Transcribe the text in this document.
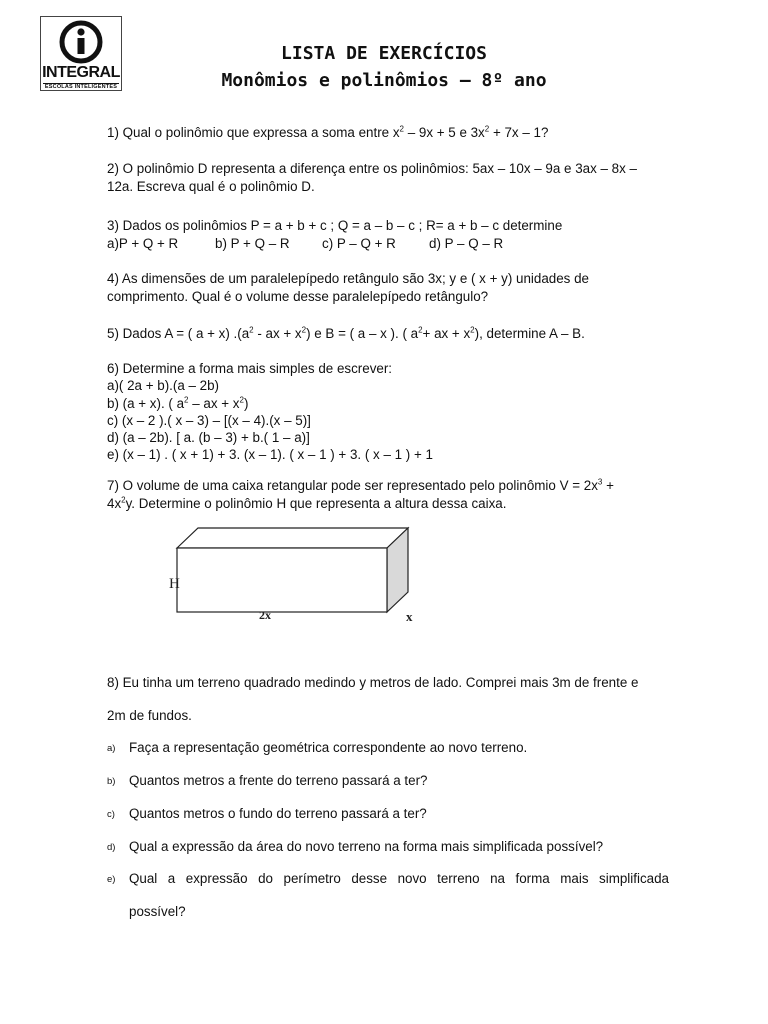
INTEGRAL
ESCOLAS INTELIGENTES
LISTA DE EXERCÍCIOS
Monômios e polinômios – 8º ano

1) Qual o polinômio que expressa a soma entre $x^2 - 9x + 5$ e $3x^2 + 7x - 1$?

2) O polinômio D representa a diferença entre os polinômios: 5ax – 10x – 9a e 3ax – 8x –
12a. Escreva qual é o polinômio D.

3) Dados os polinômios P = a + b + c ; Q = a – b – c ; R= a + b – c determine
a)P + Q + R	b) P + Q – R c) P – Q + R d) P – Q – R

4) As dimensões de um paralelepípedo retângulo são 3x; y e ( x + y) unidades de
comprimento. Qual é o volume desse paralelepípedo retângulo?

5) Dados A = ( a + x) $.(a^2$ - ax + $x^2$) e B = ( a – x ). ( $a^2+$ ax + $x^2$), determine A – B.

6) Determine a forma mais simples de escrever:
a)( 2a + b).(a – 2b)
b) (a + x). ( $a^2$ – ax + $x^2$)
c) (x – 2 ).( x – 3) – [(x – 4).(x – 5)]
d) (a – 2b). [ a. (b – 3) + b.( 1 – a)]
e) (x – 1) . ( x + 1) + 3. (x – 1). ( x – 1 ) + 3. ( x – 1 ) + 1

7) O volume de uma caixa retangular pode ser representado pelo polinômio $V = 2x^3$ +
$4x^2y$. Determine o polinômio H que representa a altura dessa caixa.

H
2x	x
8) Eu tinha um terreno quadrado medindo y metros de lado. Comprei mais 3m de frente e
2m de fundos.
a) Faça a representação geométrica correspondente ao novo terreno.
b) Quantos metros a frente do terreno passará a ter?
c) Quantos metros o fundo do terreno passará a ter?
d) Qual a expressão da área do novo terreno na forma mais simplificada possível?
e) Qual a expressão do perímetro desse novo terreno na forma mais simplificada
possível?
